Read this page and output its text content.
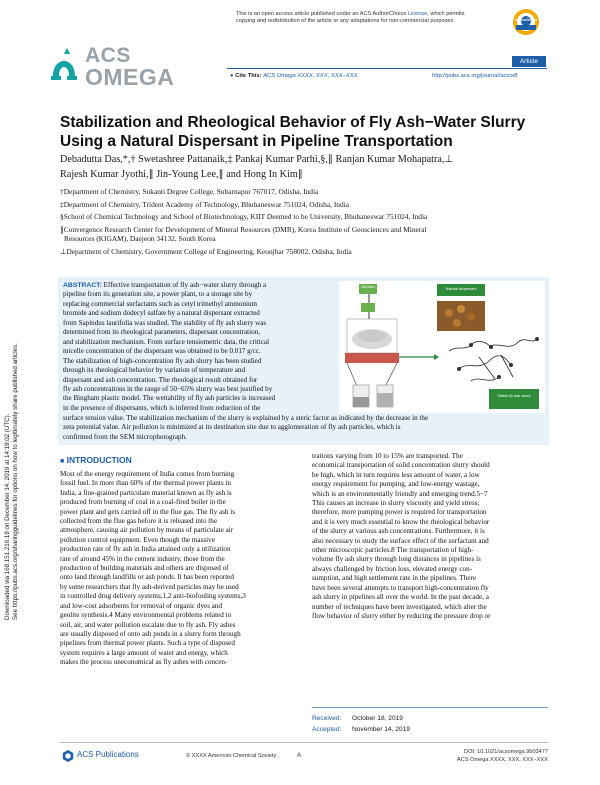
Downloaded via 168.151.216.18 on December 14, 2019 at 14:19:02 (UTC).
See https://pubs.acs.org/sharingguidelines for options on how to legitimately share published articles.
This is an open access article published under an ACS AuthorChoice License, which permits
copying and redistribution of the article or any adaptations for non-commercial purposes.	AuthorChoice
ACS
OMEGA
Article
● Cite This: ACS Omega XXXX, XXX, XXX−XXX	http://pubs.acs.org/journal/acsodf
Stabilization and Rheological Behavior of Fly Ash−Water Slurry
Using a Natural Dispersant in Pipeline Transportation
Debadutta Das,*,† Swetashree Pattanaik,‡ Pankaj Kumar Parhi,§,∥ Ranjan Kumar Mohapatra,⊥
Rajesh Kumar Jyothi,∥ Jin-Young Lee,∥ and Hong In Kim∥
†Department of Chemistry, Sukanti Degree College, Subarnapur 767017, Odisha, India
‡Department of Chemistry, Trident Academy of Technology, Bhubaneswar 751024, Odisha, India
§School of Chemical Technology and School of Biotechnology, KIIT Deemed to be University, Bhubaneswar 751024, India
∥Convergence Research Center for Development of Mineral Resources (DMR), Korea Institute of Geosciences and Mineral
Resources (KIGAM), Daejeon 34132, South Korea
⊥Department of Chemistry, Government College of Engineering, Keonjhar 758002, Odisha, India
ABSTRACT: Effective transportation of fly ash−water slurry through a
pipeline from its generation site, a power plant, to a storage site by
replacing commercial surfactants such as cetyl trimethyl ammonium
bromide and sodium dodecyl sulfate by a natural dispersant extracted
from Sapindus laurifolia was studied. The stability of fly ash slurry was
determined from its rheological parameters, dispersant concentration,
and stabilization mechanism. From surface tensiometric data, the critical
micelle concentration of the dispersant was obtained to be 0.017 g/cc.
The stabilization of high-concentration fly ash slurry has been studied
through its rheological behavior by variation of temperature and
dispersant and ash concentration. The rheological result obtained for
fly ash concentrations in the range of 50−65% slurry was best justified by
the Bingham plastic model. The wettability of fly ash particles is increased
in the presence of dispersants, which is inferred from reduction of the
surface tension value. The stabilization mechanism of the slurry is explained by a steric factor as indicated by the decrease in the
zeta potential value. Air pollution is minimized at its destination site due to agglomeration of fly ash particles, which is
confirmed from the SEM microphotograph.
Sapindus	Natural dispersant
Stable fly ash slurry
■ INTRODUCTION
Most of the energy requirement of India comes from burning
fossil fuel. In more than 60% of the thermal power plants in
India, a fine-grained particulate material known as fly ash is
produced from burning of coal in a coal-fired boiler in the
power plant and gets carried off in the flue gas. The fly ash is
collected from the flue gas before it is released into the
atmosphere, causing air pollution by means of particulate air
pollution control equipment. Even though the massive
production rate of fly ash in India attained only a utilization
rate of around 45% in the cement industry, those from the
production of building materials and others are disposed of
onto land through landfills or ash ponds. It has been reported
by some researchers that fly ash-derived particles may be used
in controlled drug delivery systems,1,2 anti-biofouling systems,3
and low-cost adsorbents for removal of organic dyes and
geolite synthesis.4 Many environmental problems related to
soil, air, and water pollution escalate due to fly ash. Fly ashes
are usually disposed of onto ash ponds in a slurry form through
pipelines from thermal power plants. Such a type of disposed
system requires a large amount of water and energy, which
makes the process uneconomical as fly ashes with concen-
trations varying from 10 to 15% are transported. The
economical transportation of solid concentration slurry should
be high, which in turn requires less amount of water, a low
energy requirement for pumping, and low-energy wastage,
which is an environmentally friendly and emerging trend.5−7
This causes an increase in slurry viscosity and yield stress;
therefore, more pumping power is required for transportation
and it is very much essential to know the rheological behavior
of the slurry at various ash concentrations. Furthermore, it is
also necessary to study the surface effect of the surfactant and
other microscopic particles.8 The transportation of high-
volume fly ash slurry through long distances in pipelines is
always challenged by friction loss, elevated energy con-
sumption, and high settlement rate in the pipelines. There
have been several attempts to transport high-concentration fly
ash slurry in pipelines all over the world. In the past decade, a
number of techniques have been investigated, which alter the
flow behavior of slurry either by reducing the pressure drop or
Received: October 18, 2019
Accepted: November 14, 2019
ACS Publications	© XXXX American Chemical Society	A	DOI: 10.1021/acsomega.9b03477
ACS Omega XXXX, XXX, XXX−XXX
